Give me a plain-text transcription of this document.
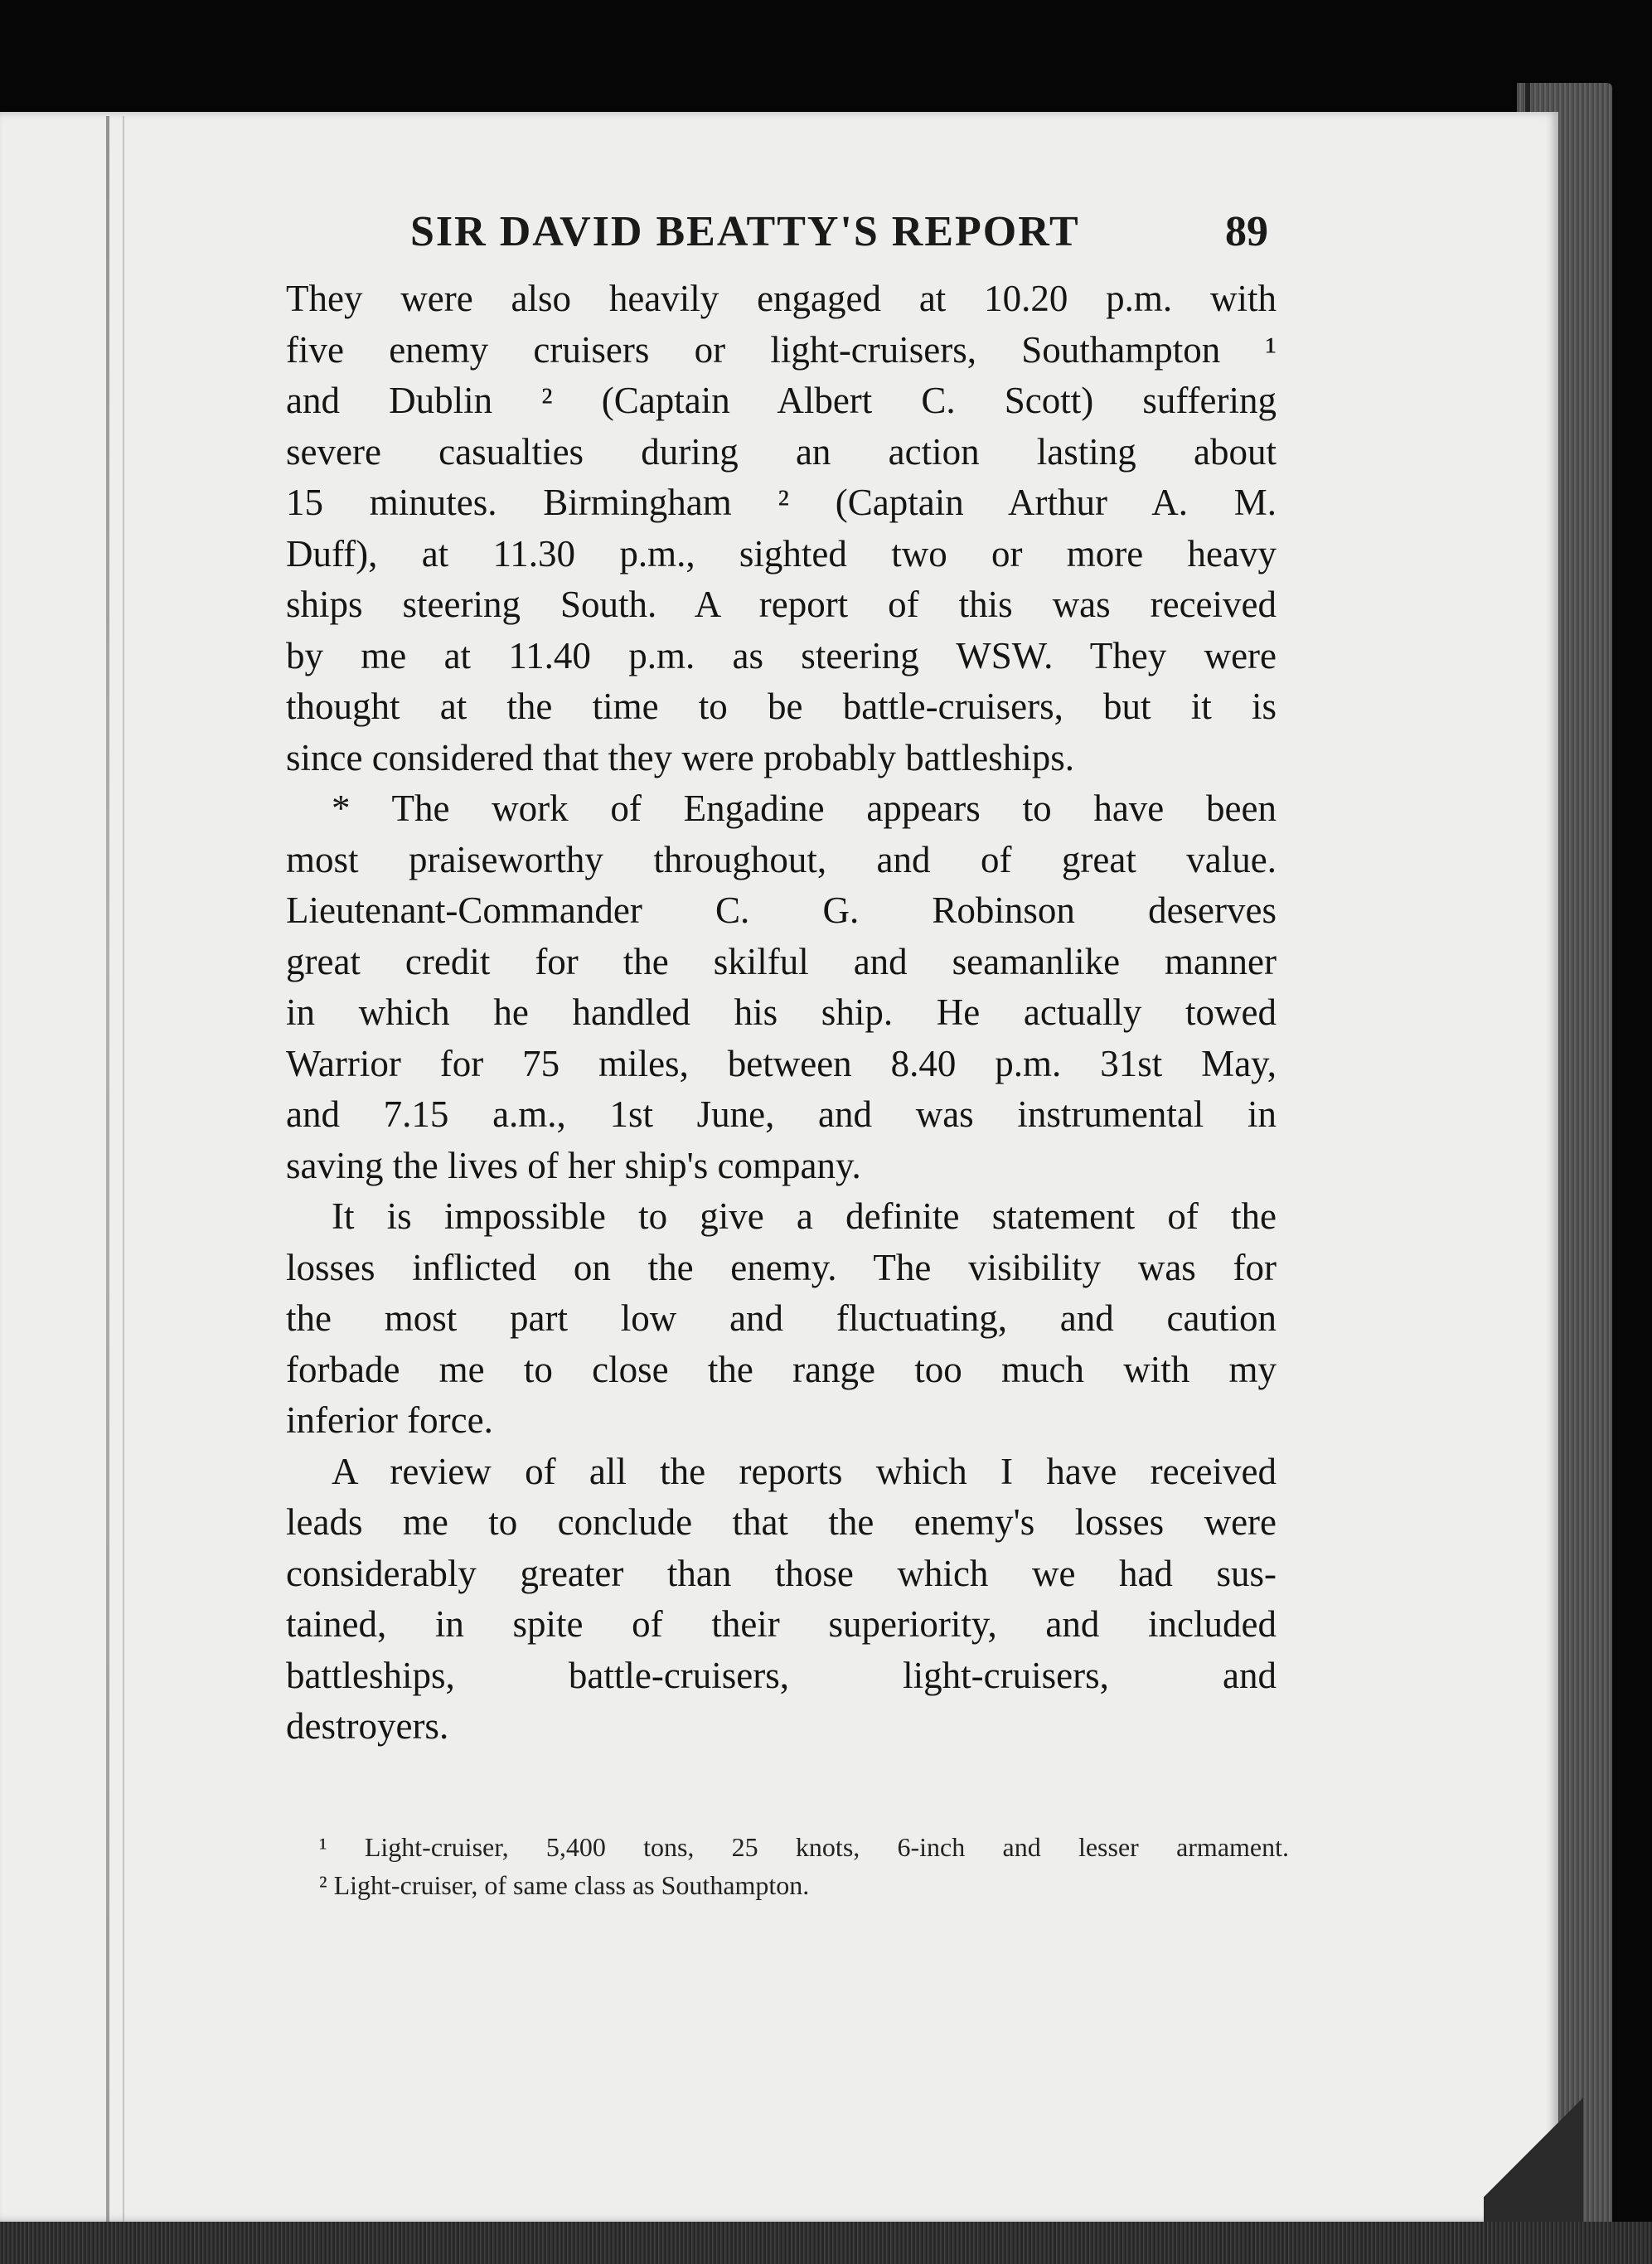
SIR DAVID BEATTY'S REPORT	89
They were also heavily engaged at 10.20 p.m. with
five enemy cruisers or light-cruisers, Southampton ¹
and Dublin ² (Captain Albert C. Scott) suffering
severe casualties during an action lasting about
15 minutes. Birmingham ² (Captain Arthur A. M.
Duff), at 11.30 p.m., sighted two or more heavy
ships steering South. A report of this was received
by me at 11.40 p.m. as steering WSW. They were
thought at the time to be battle-cruisers, but it is
since considered that they were probably battleships.
* The work of Engadine appears to have been
most praiseworthy throughout, and of great value.
Lieutenant-Commander C. G. Robinson deserves
great credit for the skilful and seamanlike manner
in which he handled his ship. He actually towed
Warrior for 75 miles, between 8.40 p.m. 31st May,
and 7.15 a.m., 1st June, and was instrumental in
saving the lives of her ship's company.
It is impossible to give a definite statement of the
losses inflicted on the enemy. The visibility was for
the most part low and fluctuating, and caution
forbade me to close the range too much with my
inferior force.
A review of all the reports which I have received
leads me to conclude that the enemy's losses were
considerably greater than those which we had sus-
tained, in spite of their superiority, and included
battleships, battle-cruisers, light-cruisers, and
destroyers.
¹ Light-cruiser, 5,400 tons, 25 knots, 6-inch and lesser armament.
² Light-cruiser, of same class as Southampton.
